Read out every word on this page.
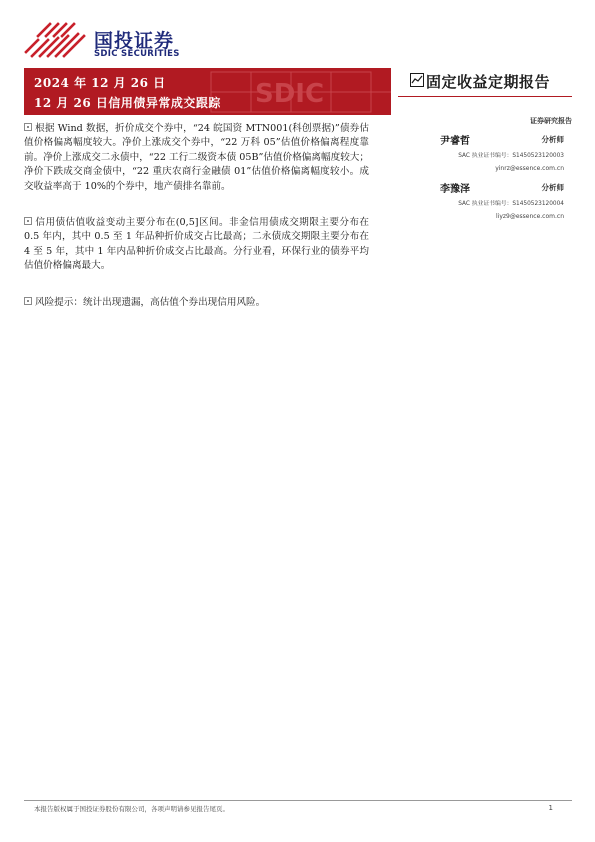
国投证券
SDIC SECURITIES
SDIC
2024 年 12 月 26 日
12 月 26 日信用债异常成交跟踪
固定收益定期报告
证券研究报告
尹睿哲	分析师
SAC 执业证书编号：S1450523120003
yinrz@essence.com.cn
李豫泽	分析师
SAC 执业证书编号：S1450523120004
liyz9@essence.com.cn

根据 Wind 数据，折价成交个券中，“24 皖国资 MTN001(科创票据)”债券估值价格偏离幅度较大。净价上涨成交个券中，“22 万科 05”估值价格偏离程度靠前。净价上涨成交二永债中，“22 工行二级资本债 05B”估值价格偏离幅度较大；净价下跌成交商金债中，“22 重庆农商行金融债 01”估值价格偏离幅度较小。成交收益率高于 10%的个券中，地产债排名靠前。

信用债估值收益变动主要分布在(0,5]区间。非金信用债成交期限主要分布在 0.5 年内，其中 0.5 至 1 年品种折价成交占比最高；二永债成交期限主要分布在 4 至 5 年，其中 1 年内品种折价成交占比最高。分行业看，环保行业的债券平均估值价格偏离最大。

风险提示：统计出现遗漏，高估值个券出现信用风险。

本报告版权属于国投证券股份有限公司，各项声明请参见报告尾页。	1
